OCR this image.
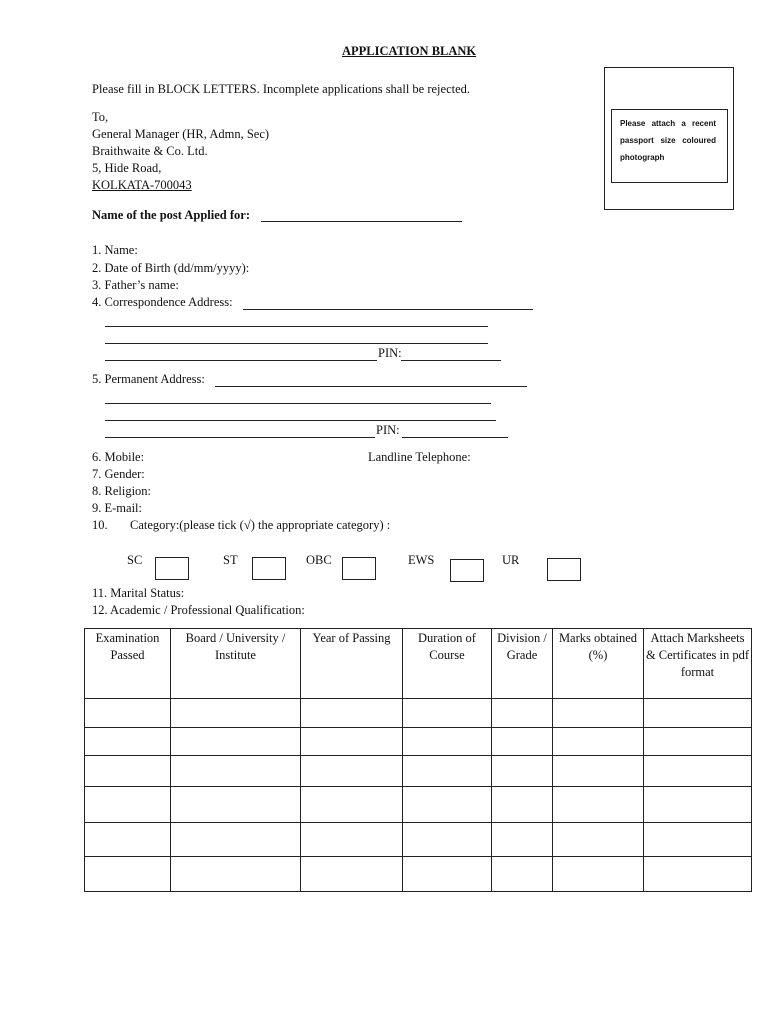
APPLICATION BLANK
Please fill in BLOCK LETTERS. Incomplete applications shall be rejected.
To,
General Manager (HR, Admn, Sec)
Braithwaite & Co. Ltd.
5, Hide Road,
KOLKATA-700043
Please attach a recent passport size coloured photograph
Name of the post Applied for:
1. Name:
2. Date of Birth (dd/mm/yyyy):
3. Father’s name:
4. Correspondence Address:
PIN:
5. Permanent Address:
PIN:
6. Mobile:	Landline Telephone:
7. Gender:
8. Religion:
9. E-mail:
10. Category:(please tick (√) the appropriate category) :
SC	ST	OBC	EWS	UR
11. Marital Status:
12. Academic / Professional Qualification:
Examination Passed	Board / University / Institute	Year of Passing	Duration of Course	Division / Grade	Marks obtained (%)	Attach Marksheets & Certificates in pdf format
